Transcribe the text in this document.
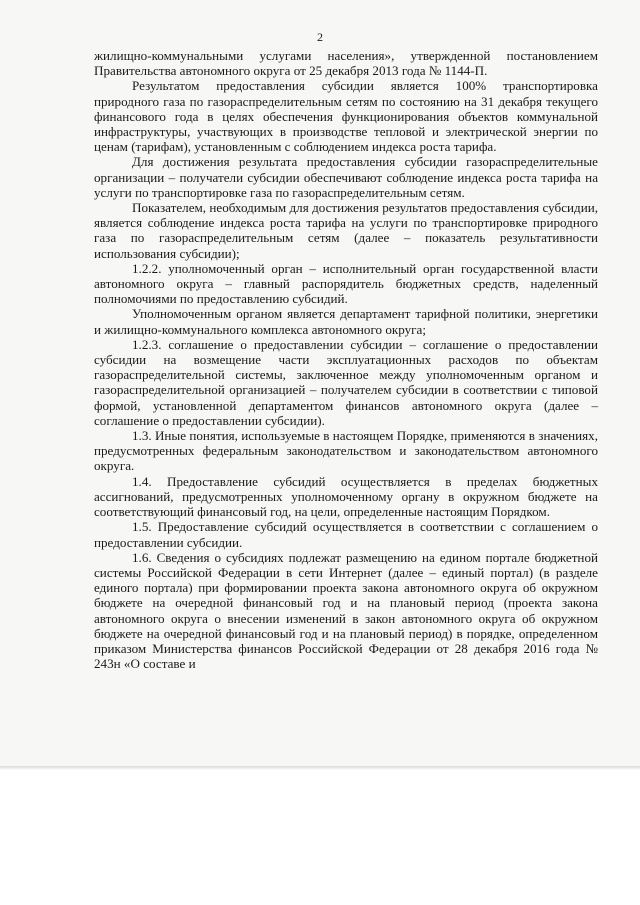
2

жилищно-коммунальными услугами населения», утвержденной постановлением Правительства автономного округа от 25 декабря 2013 года № 1144-П.

Результатом предоставления субсидии является 100% транспортировка природного газа по газораспределительным сетям по состоянию на 31 декабря текущего финансового года в целях обеспечения функционирования объектов коммунальной инфраструктуры, участвующих в производстве тепловой и электрической энергии по ценам (тарифам), установленным с соблюдением индекса роста тарифа.

Для достижения результата предоставления субсидии газораспределительные организации – получатели субсидии обеспечивают соблюдение индекса роста тарифа на услуги по транспортировке газа по газораспределительным сетям.

Показателем, необходимым для достижения результатов предоставления субсидии, является соблюдение индекса роста тарифа на услуги по транспортировке природного газа по газораспределительным сетям (далее – показатель результативности использования субсидии);

1.2.2. уполномоченный орган – исполнительный орган государственной власти автономного округа – главный распорядитель бюджетных средств, наделенный полномочиями по предоставлению субсидий.

Уполномоченным органом является департамент тарифной политики, энергетики и жилищно-коммунального комплекса автономного округа;

1.2.3. соглашение о предоставлении субсидии – соглашение о предоставлении субсидии на возмещение части эксплуатационных расходов по объектам газораспределительной системы, заключенное между уполномоченным органом и газораспределительной организацией – получателем субсидии в соответствии с типовой формой, установленной департаментом финансов автономного округа (далее – соглашение о предоставлении субсидии).

1.3. Иные понятия, используемые в настоящем Порядке, применяются в значениях, предусмотренных федеральным законодательством и законодательством автономного округа.

1.4. Предоставление субсидий осуществляется в пределах бюджетных ассигнований, предусмотренных уполномоченному органу в окружном бюджете на соответствующий финансовый год, на цели, определенные настоящим Порядком.

1.5. Предоставление субсидий осуществляется в соответствии с соглашением о предоставлении субсидии.

1.6. Сведения о субсидиях подлежат размещению на едином портале бюджетной системы Российской Федерации в сети Интернет (далее – единый портал) (в разделе единого портала) при формировании проекта закона автономного округа об окружном бюджете на очередной финансовый год и на плановый период (проекта закона автономного округа о внесении изменений в закон автономного округа об окружном бюджете на очередной финансовый год и на плановый период) в порядке, определенном приказом Министерства финансов Российской Федерации от 28 декабря 2016 года № 243н «О составе и
